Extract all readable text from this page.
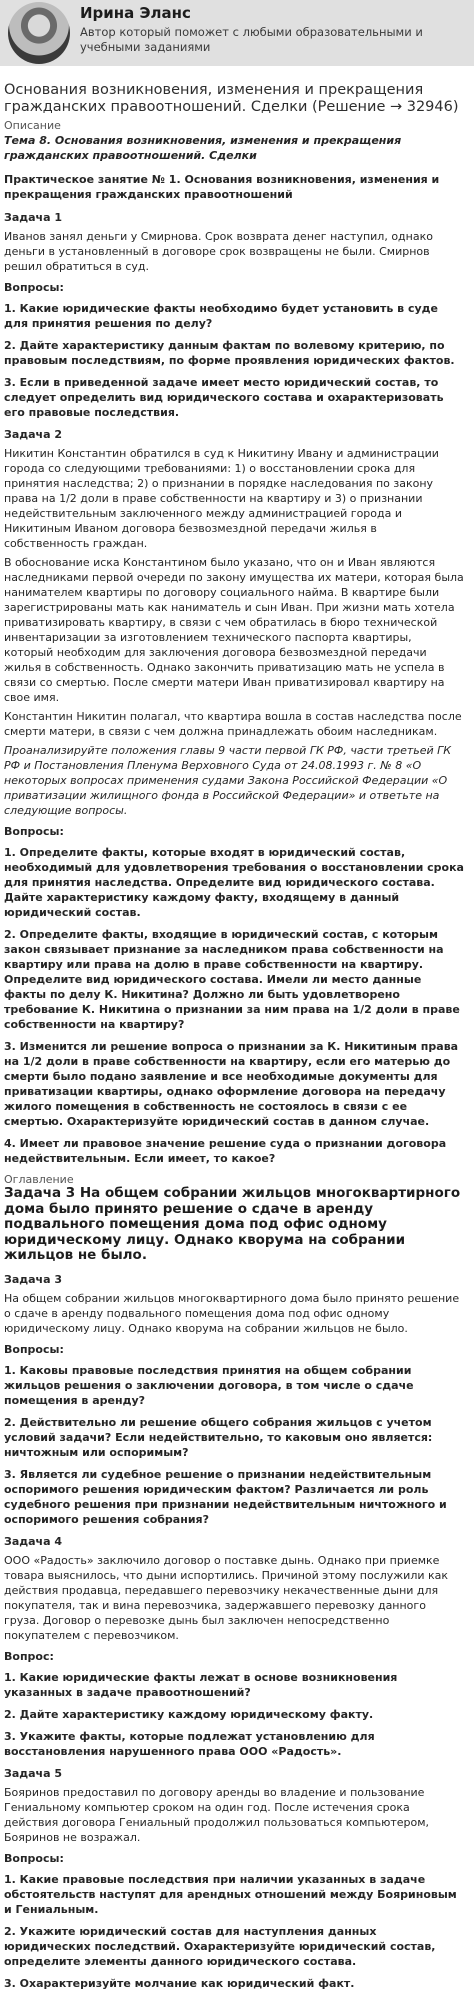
Ирина Эланс
Автор который поможет с любыми образовательными и учебными заданиями
Основания возникновения, изменения и прекращения гражданских правоотношений. Сделки (Решение → 32946)
Описание
Тема 8. Основания возникновения, изменения и прекращения гражданских правоотношений. Сделки
Практическое занятие № 1. Основания возникновения, изменения и прекращения гражданских правоотношений
Задача 1
Иванов занял деньги у Смирнова. Срок возврата денег наступил, однако деньги в установленный в договоре срок возвращены не были. Смирнов решил обратиться в суд.
Вопросы:
1. Какие юридические факты необходимо будет установить в суде для принятия решения по делу?
2. Дайте характеристику данным фактам по волевому критерию, по правовым последствиям, по форме проявления юридических фактов.
3. Если в приведенной задаче имеет место юридический состав, то следует определить вид юридического состава и охарактеризовать его правовые последствия.
Задача 2
Никитин Константин обратился в суд к Никитину Ивану и администрации города со следующими требованиями: 1) о восстановлении срока для принятия наследства; 2) о признании в порядке наследования по закону права на 1/2 доли в праве собственности на квартиру и 3) о признании недействительным заключенного между администрацией города и Никитиным Иваном договора безвозмездной передачи жилья в собственность граждан.
В обоснование иска Константином было указано, что он и Иван являются наследниками первой очереди по закону имущества их матери, которая была нанимателем квартиры по договору социального найма. В квартире были зарегистрированы мать как наниматель и сын Иван. При жизни мать хотела приватизировать квартиру, в связи с чем обратилась в бюро технической инвентаризации за изготовлением технического паспорта квартиры, который необходим для заключения договора безвозмездной передачи жилья в собственность. Однако закончить приватизацию мать не успела в связи со смертью. После смерти матери Иван приватизировал квартиру на свое имя.
Константин Никитин полагал, что квартира вошла в состав наследства после смерти матери, в связи с чем должна принадлежать обоим наследникам.
Проанализируйте положения главы 9 части первой ГК РФ, части третьей ГК РФ и Постановления Пленума Верховного Суда от 24.08.1993 г. № 8 «О некоторых вопросах применения судами Закона Российской Федерации «О приватизации жилищного фонда в Российской Федерации» и ответьте на следующие вопросы.
Вопросы:
1. Определите факты, которые входят в юридический состав, необходимый для удовлетворения требования о восстановлении срока для принятия наследства. Определите вид юридического состава. Дайте характеристику каждому факту, входящему в данный юридический состав.
2. Определите факты, входящие в юридический состав, с которым закон связывает признание за наследником права собственности на квартиру или права на долю в праве собственности на квартиру. Определите вид юридического состава. Имели ли место данные факты по делу К. Никитина? Должно ли быть удовлетворено требование К. Никитина о признании за ним права на 1/2 доли в праве собственности на квартиру?
3. Изменится ли решение вопроса о признании за К. Никитиным права на 1/2 доли в праве собственности на квартиру, если его матерью до смерти было подано заявление и все необходимые документы для приватизации квартиры, однако оформление договора на передачу жилого помещения в собственность не состоялось в связи с ее смертью. Охарактеризуйте юридический состав в данном случае.
4. Имеет ли правовое значение решение суда о признании договора недействительным. Если имеет, то какое?
Оглавление
Задача 3 На общем собрании жильцов многоквартирного дома было принято решение о сдаче в аренду подвального помещения дома под офис одному юридическому лицу. Однако кворума на собрании жильцов не было.
Задача 3
На общем собрании жильцов многоквартирного дома было принято решение о сдаче в аренду подвального помещения дома под офис одному юридическому лицу. Однако кворума на собрании жильцов не было.
Вопросы:
1. Каковы правовые последствия принятия на общем собрании жильцов решения о заключении договора, в том числе о сдаче помещения в аренду?
2. Действительно ли решение общего собрания жильцов с учетом условий задачи? Если недействительно, то каковым оно является: ничтожным или оспоримым?
3. Является ли судебное решение о признании недействительным оспоримого решения юридическим фактом? Различается ли роль судебного решения при признании недействительным ничтожного и оспоримого решения собрания?
Задача 4
ООО «Радость» заключило договор о поставке дынь. Однако при приемке товара выяснилось, что дыни испортились. Причиной этому послужили как действия продавца, передавшего перевозчику некачественные дыни для покупателя, так и вина перевозчика, задержавшего перевозку данного груза. Договор о перевозке дынь был заключен непосредственно покупателем с перевозчиком.
Вопрос:
1. Какие юридические факты лежат в основе возникновения указанных в задаче правоотношений?
2. Дайте характеристику каждому юридическому факту.
3. Укажите факты, которые подлежат установлению для восстановления нарушенного права ООО «Радость».
Задача 5
Бояринов предоставил по договору аренды во владение и пользование Гениальному компьютер сроком на один год. После истечения срока действия договора Гениальный продолжил пользоваться компьютером, Бояринов не возражал.
Вопросы:
1. Какие правовые последствия при наличии указанных в задаче обстоятельств наступят для арендных отношений между Бояриновым и Гениальным.
2. Укажите юридический состав для наступления данных юридических последствий. Охарактеризуйте юридический состав, определите элементы данного юридического состава.
3. Охарактеризуйте молчание как юридический факт.
